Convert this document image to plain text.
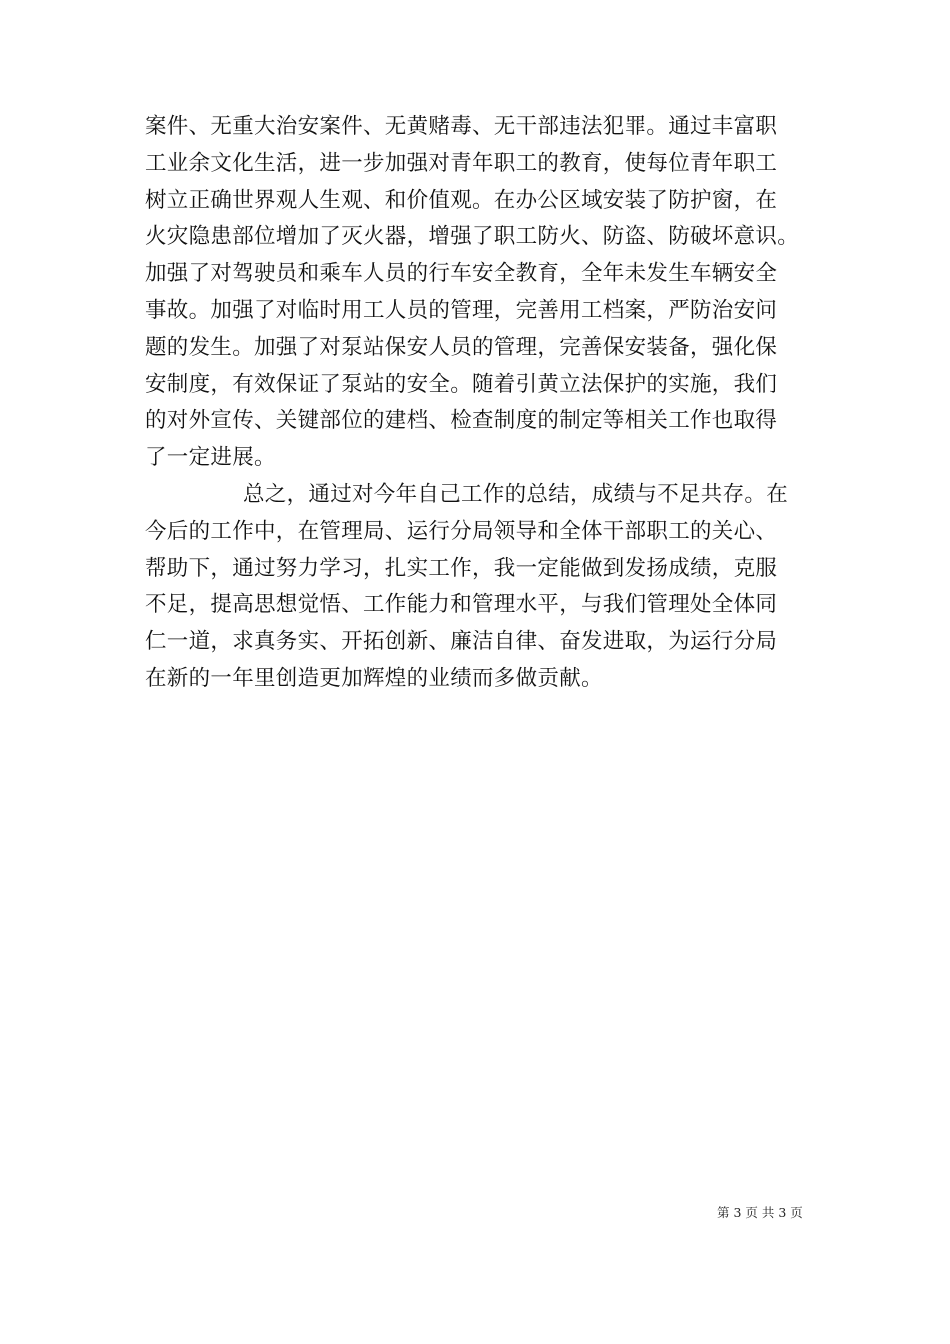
案件、无重大治安案件、无黄赌毒、无干部违法犯罪。通过丰富职
工业余文化生活，进一步加强对青年职工的教育，使每位青年职工
树立正确世界观人生观、和价值观。在办公区域安装了防护窗，在
火灾隐患部位增加了灭火器，增强了职工防火、防盗、防破坏意识。
加强了对驾驶员和乘车人员的行车安全教育，全年未发生车辆安全
事故。加强了对临时用工人员的管理，完善用工档案，严防治安问
题的发生。加强了对泵站保安人员的管理，完善保安装备，强化保
安制度，有效保证了泵站的安全。随着引黄立法保护的实施，我们
的对外宣传、关键部位的建档、检查制度的制定等相关工作也取得
了一定进展。
总之，通过对今年自己工作的总结，成绩与不足共存。在
今后的工作中，在管理局、运行分局领导和全体干部职工的关心、
帮助下，通过努力学习，扎实工作，我一定能做到发扬成绩，克服
不足，提高思想觉悟、工作能力和管理水平，与我们管理处全体同
仁一道，求真务实、开拓创新、廉洁自律、奋发进取，为运行分局
在新的一年里创造更加辉煌的业绩而多做贡献。
第 3 页 共 3 页
